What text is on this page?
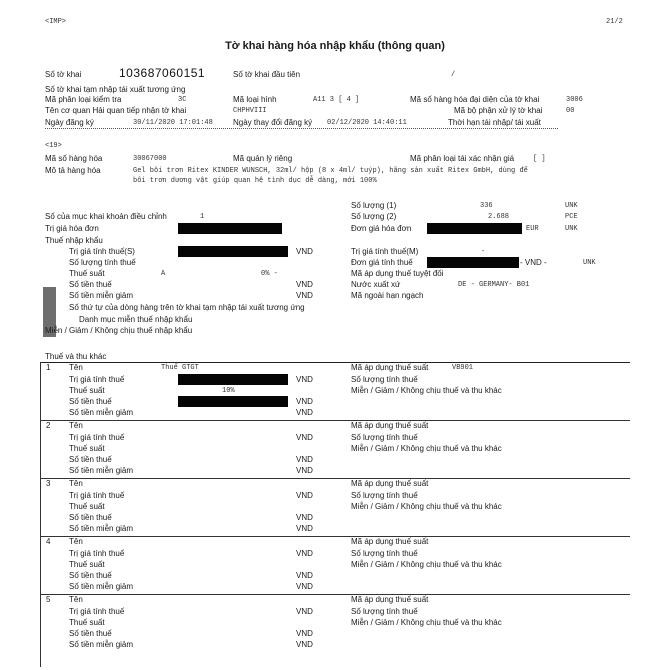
<IMP>	21/2
Tờ khai hàng hóa nhập khẩu (thông quan)
Số tờ khai	103687060151	Số tờ khai đầu tiên	/
Số tờ khai tạm nhập tái xuất tương ứng
Mã phân loại kiểm tra	3C	Mã loại hình	A11 3 [ 4 ]	Mã số hàng hóa đại diện của tờ khai	3006
Tên cơ quan Hải quan tiếp nhận tờ khai	CHPHVIII	Mã bộ phận xử lý tờ khai	00
Ngày đăng ký	30/11/2020 17:01:48	Ngày thay đổi đăng ký 02/12/2020 14:40:11	Thời hạn tái nhập/ tái xuất
<19>
Mã số hàng hóa	30067000	Mã quản lý riêng	Mã phân loại tái xác nhận giá	[ ]
Mô tả hàng hóa	Gel bôi trơn Ritex KINDER WUNSCH, 32ml/ hộp (8 x 4ml/ tuýp), hãng sản xuất Ritex GmbH, dùng để
bôi trơn dương vật giúp quan hệ tình dục dễ dàng, mới 100%
Số lượng (1)	336	UNK
Số của mục khai khoản điều chỉnh	1	Số lượng (2)	2.688	PCE
Trị giá hóa đơn	Đơn giá hóa đơn	EUR	UNK
Thuế nhập khẩu
Trị giá tính thuế(S)	VND	Trị giá tính thuế(M)	-
Số lượng tính thuế	Đơn giá tính thuế	- VND -	UNK
Thuế suất	A	0% -	Mã áp dụng thuế tuyệt đối
Số tiền thuế	VND	Nước xuất xứ	DE - GERMANY- B01
Số tiền miễn giảm	VND	Mã ngoài hạn ngạch
Số thứ tự của dòng hàng trên tờ khai tạm nhập tái xuất tương ứng
Danh mục miễn thuế nhập khẩu
Miễn / Giảm / Không chịu thuế nhập khẩu
Thuế và thu khác
1 Tên	Thuế GTGT	Mã áp dụng thuế suất	VB901
Trị giá tính thuế	VND	Số lượng tính thuế
Thuế suất	10%	Miễn / Giảm / Không chịu thuế và thu khác
Số tiền thuế	VND
Số tiền miễn giảm	VND
2 Tên	Mã áp dụng thuế suất
Trị giá tính thuế	VND	Số lượng tính thuế
Thuế suất	Miễn / Giảm / Không chịu thuế và thu khác
Số tiền thuế	VND
Số tiền miễn giảm	VND
3 Tên	Mã áp dụng thuế suất
Trị giá tính thuế	VND	Số lượng tính thuế
Thuế suất	Miễn / Giảm / Không chịu thuế và thu khác
Số tiền thuế	VND
Số tiền miễn giảm	VND
4 Tên	Mã áp dụng thuế suất
Trị giá tính thuế	VND	Số lượng tính thuế
Thuế suất	Miễn / Giảm / Không chịu thuế và thu khác
Số tiền thuế	VND
Số tiền miễn giảm	VND
5 Tên	Mã áp dụng thuế suất
Trị giá tính thuế	VND	Số lượng tính thuế
Thuế suất	Miễn / Giảm / Không chịu thuế và thu khác
Số tiền thuế	VND
Số tiền miễn giảm	VND
